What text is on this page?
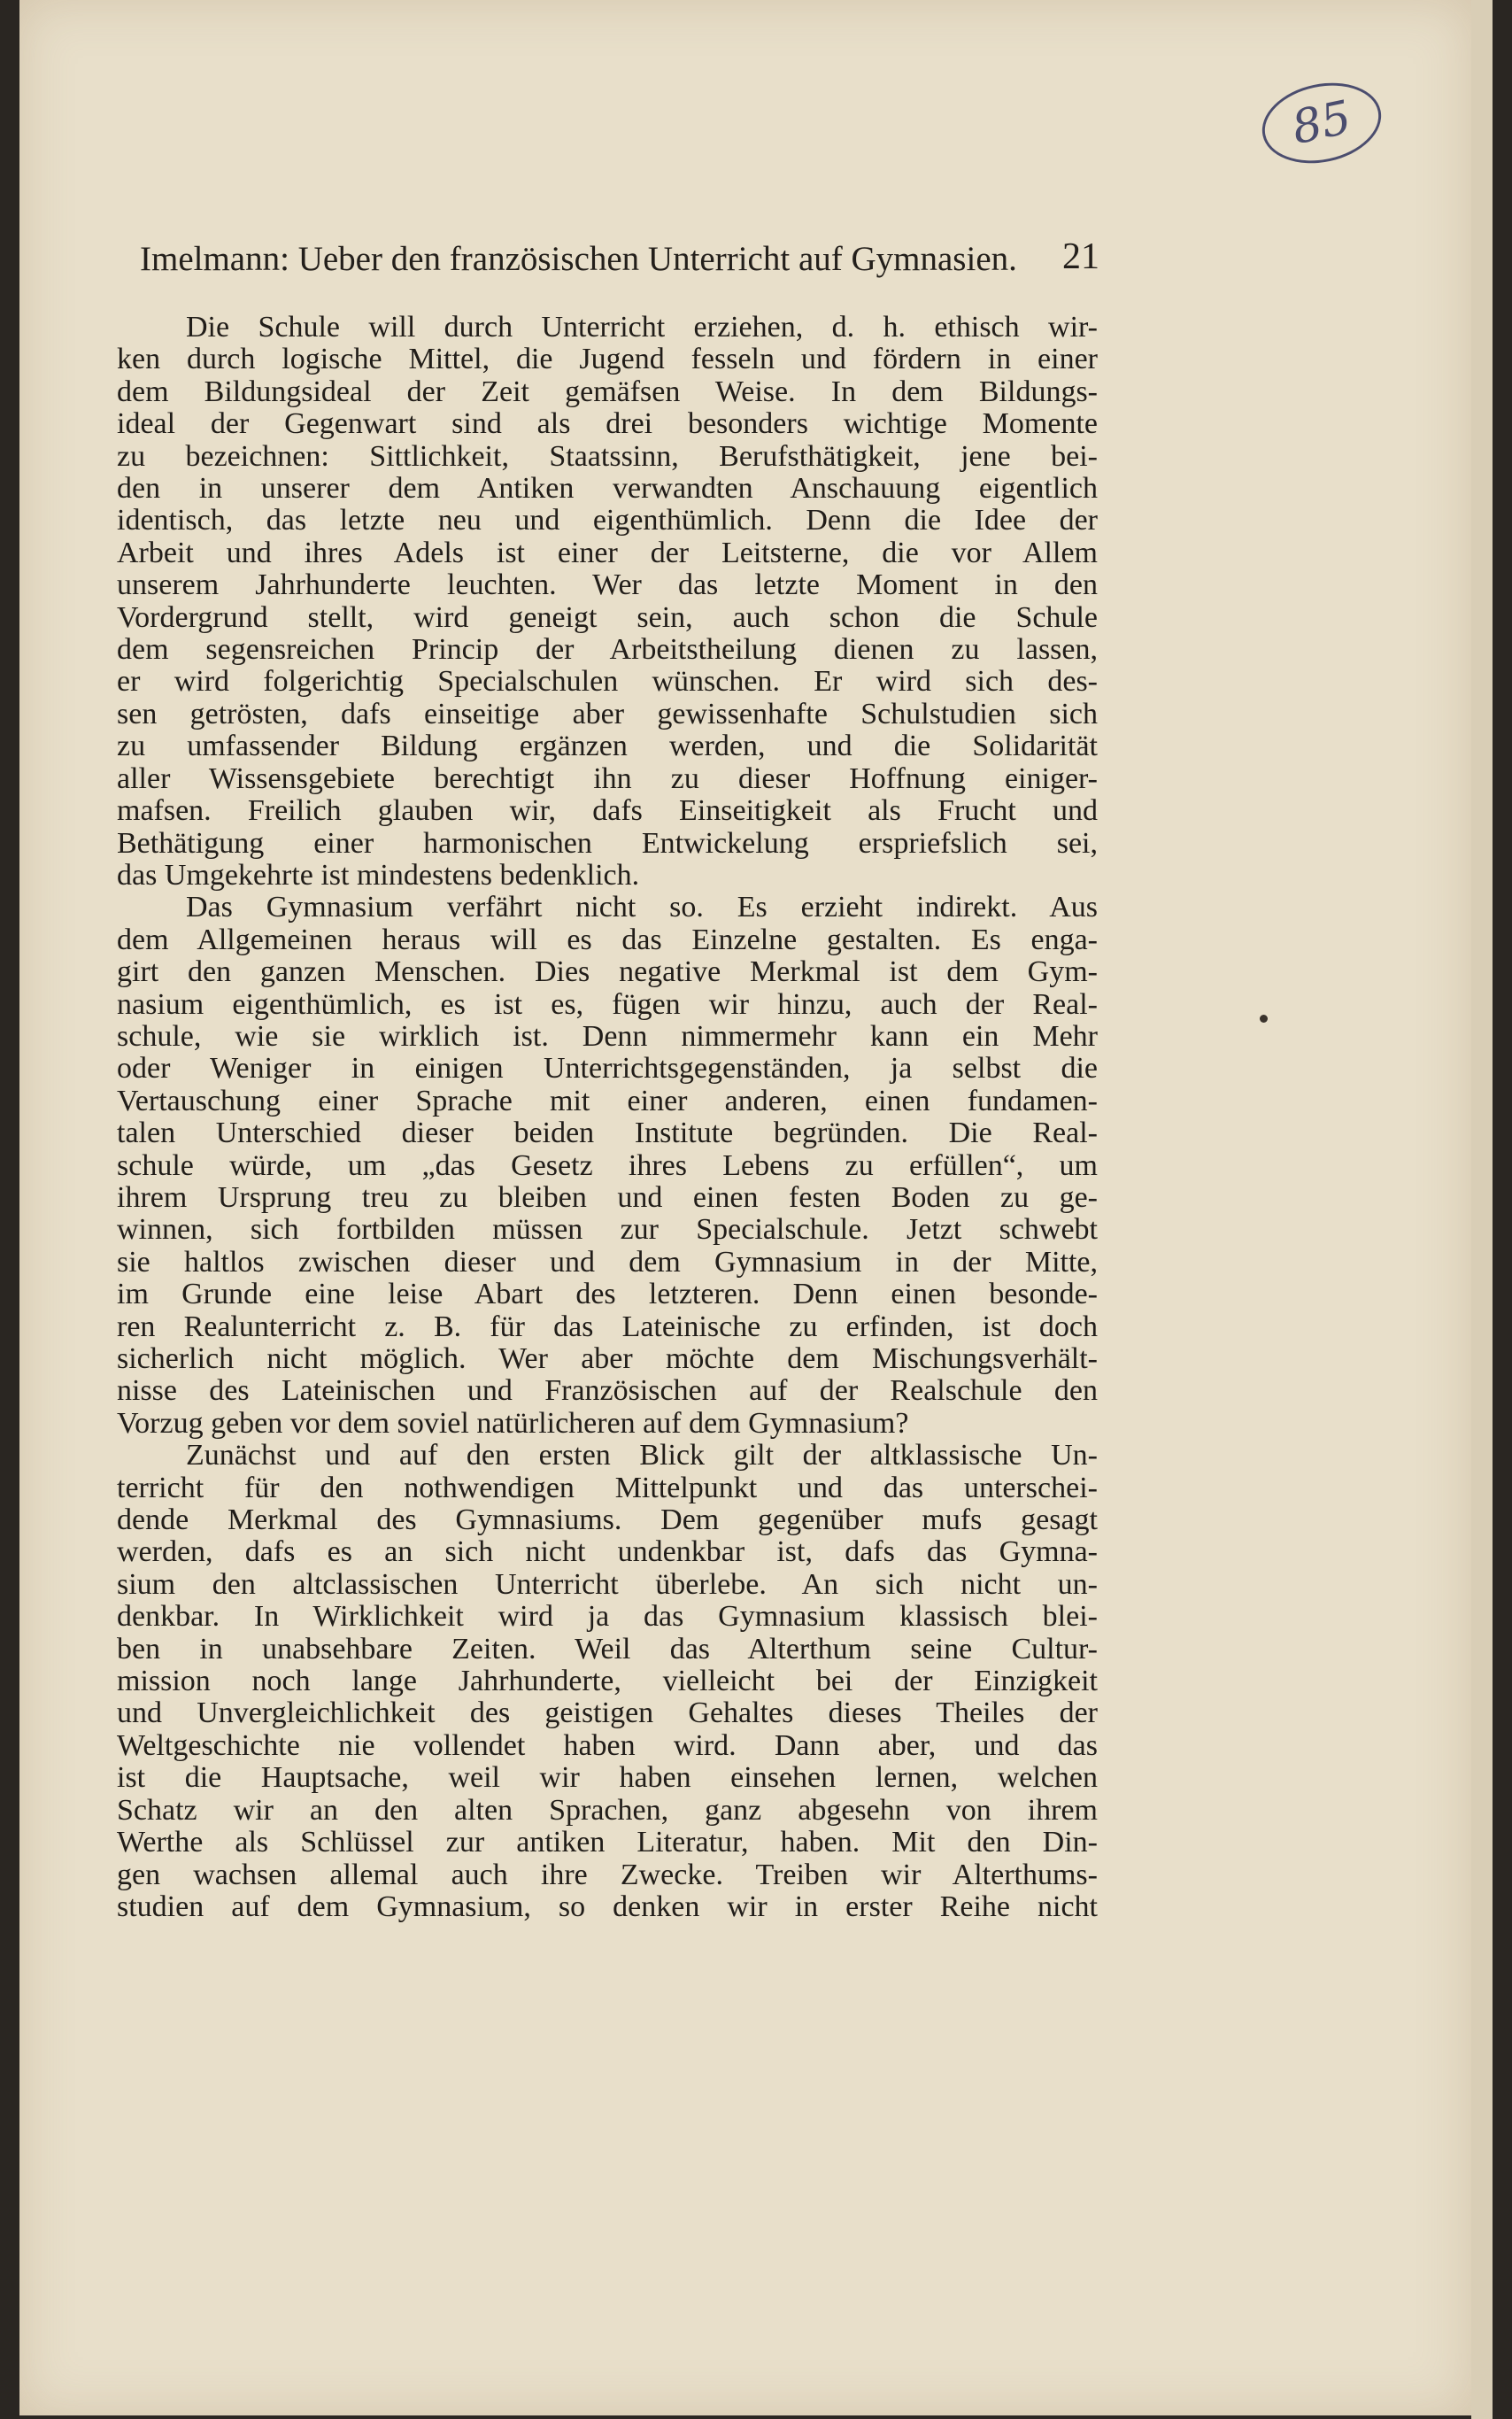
85
Imelmann: Ueber den französischen Unterricht auf Gymnasien.	21
Die Schule will durch Unterricht erziehen, d. h. ethisch wir-
ken durch logische Mittel, die Jugend fesseln und fördern in einer
dem Bildungsideal der Zeit gemäfsen Weise. In dem Bildungs-
ideal der Gegenwart sind als drei besonders wichtige Momente
zu bezeichnen: Sittlichkeit, Staatssinn, Berufsthätigkeit, jene bei-
den in unserer dem Antiken verwandten Anschauung eigentlich
identisch, das letzte neu und eigenthümlich. Denn die Idee der
Arbeit und ihres Adels ist einer der Leitsterne, die vor Allem
unserem Jahrhunderte leuchten. Wer das letzte Moment in den
Vordergrund stellt, wird geneigt sein, auch schon die Schule
dem segensreichen Princip der Arbeitstheilung dienen zu lassen,
er wird folgerichtig Specialschulen wünschen. Er wird sich des-
sen getrösten, dafs einseitige aber gewissenhafte Schulstudien sich
zu umfassender Bildung ergänzen werden, und die Solidarität
aller Wissensgebiete berechtigt ihn zu dieser Hoffnung einiger-
mafsen. Freilich glauben wir, dafs Einseitigkeit als Frucht und
Bethätigung einer harmonischen Entwickelung erspriefslich sei,
das Umgekehrte ist mindestens bedenklich.
Das Gymnasium verfährt nicht so. Es erzieht indirekt. Aus
dem Allgemeinen heraus will es das Einzelne gestalten. Es enga-
girt den ganzen Menschen. Dies negative Merkmal ist dem Gym-
nasium eigenthümlich, es ist es, fügen wir hinzu, auch der Real-
schule, wie sie wirklich ist. Denn nimmermehr kann ein Mehr
oder Weniger in einigen Unterrichtsgegenständen, ja selbst die
Vertauschung einer Sprache mit einer anderen, einen fundamen-
talen Unterschied dieser beiden Institute begründen. Die Real-
schule würde, um „das Gesetz ihres Lebens zu erfüllen“, um
ihrem Ursprung treu zu bleiben und einen festen Boden zu ge-
winnen, sich fortbilden müssen zur Specialschule. Jetzt schwebt
sie haltlos zwischen dieser und dem Gymnasium in der Mitte,
im Grunde eine leise Abart des letzteren. Denn einen besonde-
ren Realunterricht z. B. für das Lateinische zu erfinden, ist doch
sicherlich nicht möglich. Wer aber möchte dem Mischungsverhält-
nisse des Lateinischen und Französischen auf der Realschule den
Vorzug geben vor dem soviel natürlicheren auf dem Gymnasium?
Zunächst und auf den ersten Blick gilt der altklassische Un-
terricht für den nothwendigen Mittelpunkt und das unterschei-
dende Merkmal des Gymnasiums. Dem gegenüber mufs gesagt
werden, dafs es an sich nicht undenkbar ist, dafs das Gymna-
sium den altclassischen Unterricht überlebe. An sich nicht un-
denkbar. In Wirklichkeit wird ja das Gymnasium klassisch blei-
ben in unabsehbare Zeiten. Weil das Alterthum seine Cultur-
mission noch lange Jahrhunderte, vielleicht bei der Einzigkeit
und Unvergleichlichkeit des geistigen Gehaltes dieses Theiles der
Weltgeschichte nie vollendet haben wird. Dann aber, und das
ist die Hauptsache, weil wir haben einsehen lernen, welchen
Schatz wir an den alten Sprachen, ganz abgesehn von ihrem
Werthe als Schlüssel zur antiken Literatur, haben. Mit den Din-
gen wachsen allemal auch ihre Zwecke. Treiben wir Alterthums-
studien auf dem Gymnasium, so denken wir in erster Reihe nicht
